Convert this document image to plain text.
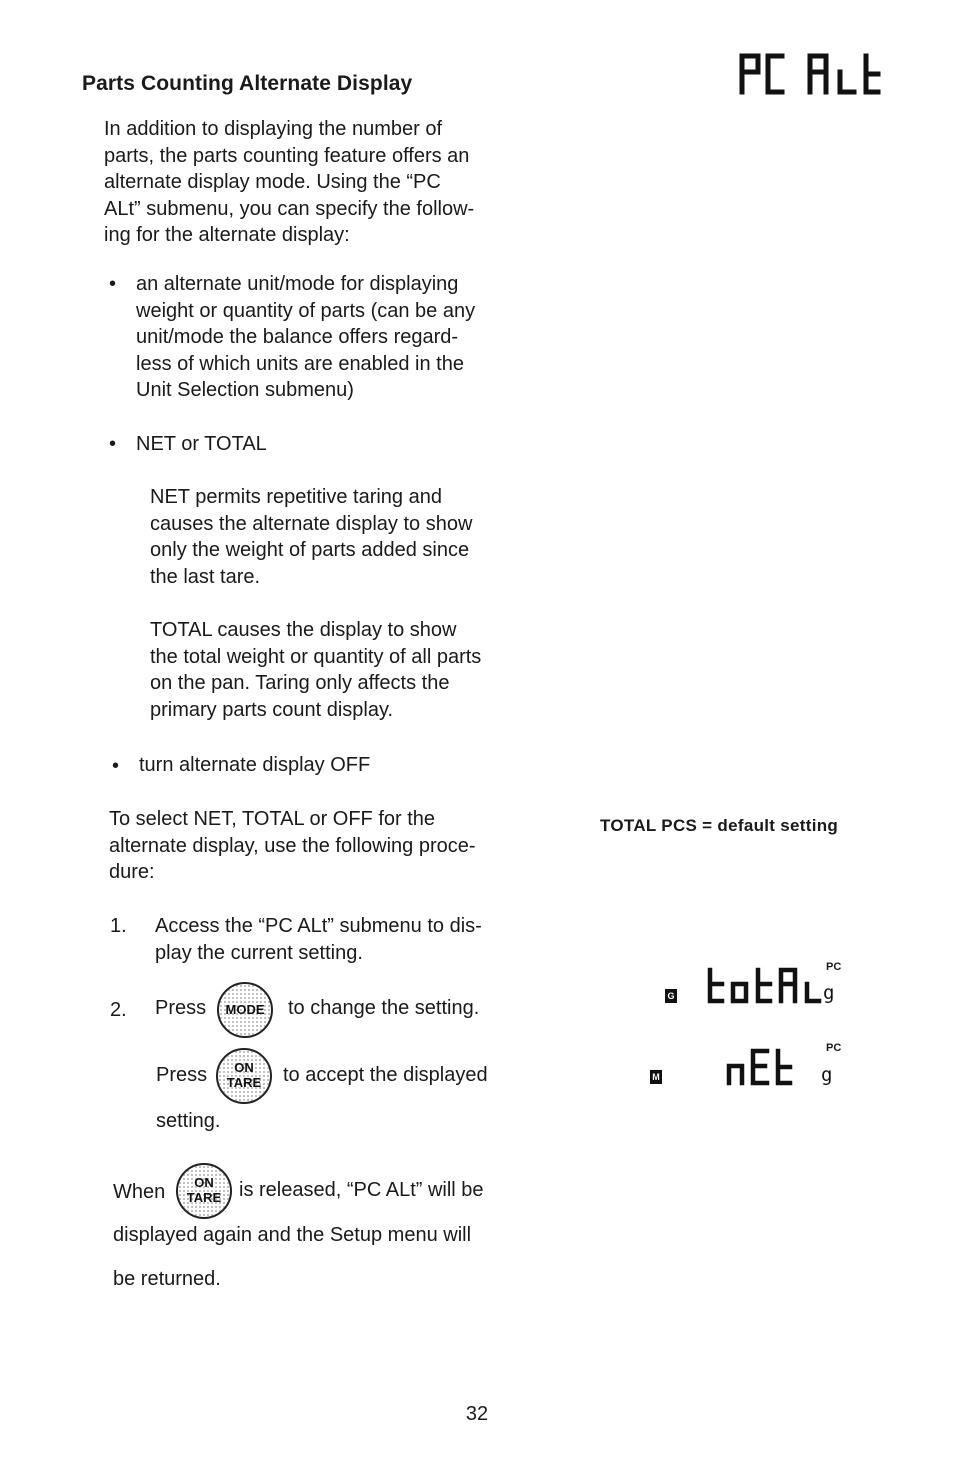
Parts Counting Alternate Display
In addition to displaying the number of
parts, the parts counting feature offers an
alternate display mode. Using the “PC
ALt” submenu, you can specify the follow-
ing for the alternate display:
• an alternate unit/mode for displaying
weight or quantity of parts (can be any
unit/mode the balance offers regard-
less of which units are enabled in the
Unit Selection submenu)
• NET or TOTAL
NET permits repetitive taring and
causes the alternate display to show
only the weight of parts added since
the last tare.
TOTAL causes the display to show
the total weight or quantity of all parts
on the pan. Taring only affects the
primary parts count display.
• turn alternate display OFF
To select NET, TOTAL or OFF for the
alternate display, use the following proce-
dure:
TOTAL PCS = default setting
1. Access the “PC ALt” submenu to dis-
play the current setting.
2. Press	MODE	to change the setting.
Press	ON
TARE	to accept the displayed
setting.
When	ON
TARE is released, “PC ALt” will be
displayed again and the Setup menu will
be returned.
G
PC
g
M
PC
g
32
